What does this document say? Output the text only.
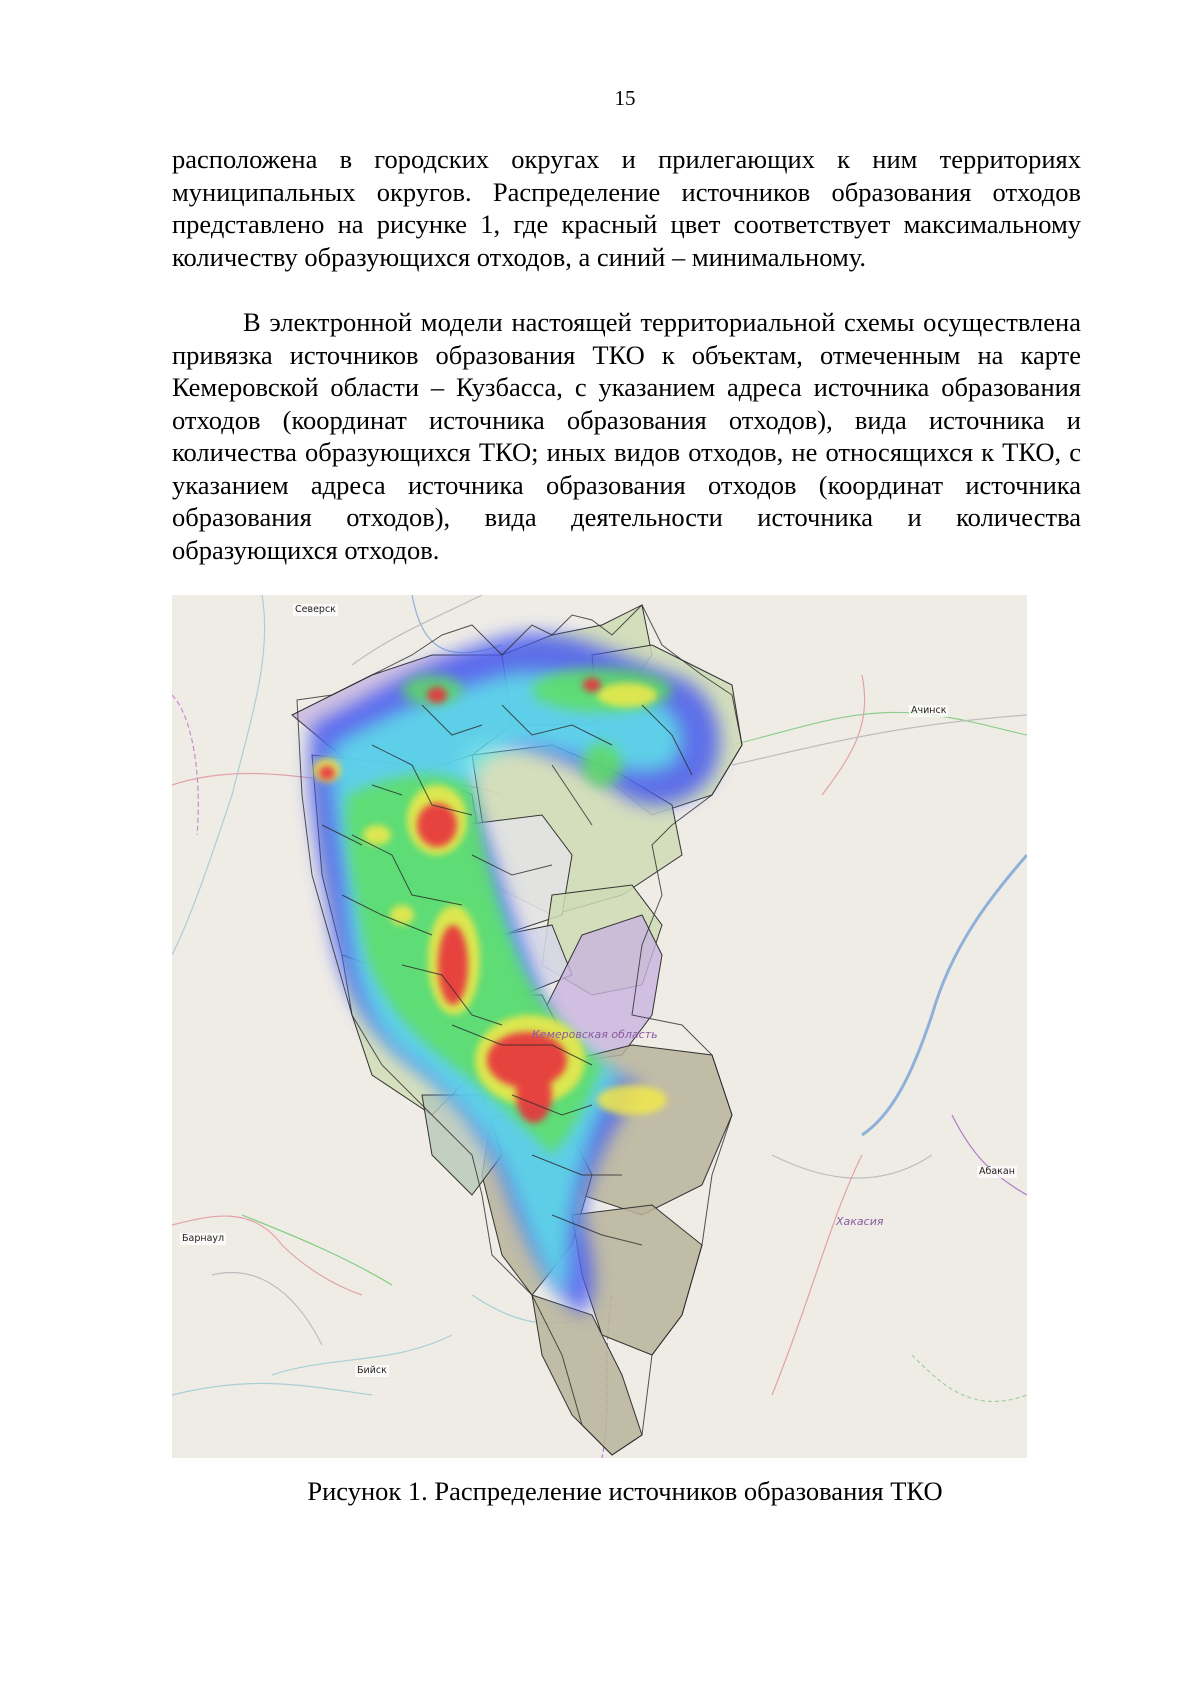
15

расположена в городских округах и прилегающих к ним территориях муниципальных округов. Распределение источников образования отходов представлено на рисунке 1, где красный цвет соответствует максимальному количеству образующихся отходов, а синий – минимальному.

В электронной модели настоящей территориальной схемы осуществлена привязка источников образования ТКО к объектам, отмеченным на карте Кемеровской области – Кузбасса, с указанием адреса источника образования отходов (координат источника образования отходов), вида источника и количества образующихся ТКО; иных видов отходов, не относящихся к ТКО, с указанием адреса источника образования отходов (координат источника образования отходов), вида деятельности источника и количества образующихся отходов.

Северск
Ачинск
Абакан
Барнаул
Бийск
Кемеровская область
Хакасия
Рисунок 1. Распределение источников образования ТКО
